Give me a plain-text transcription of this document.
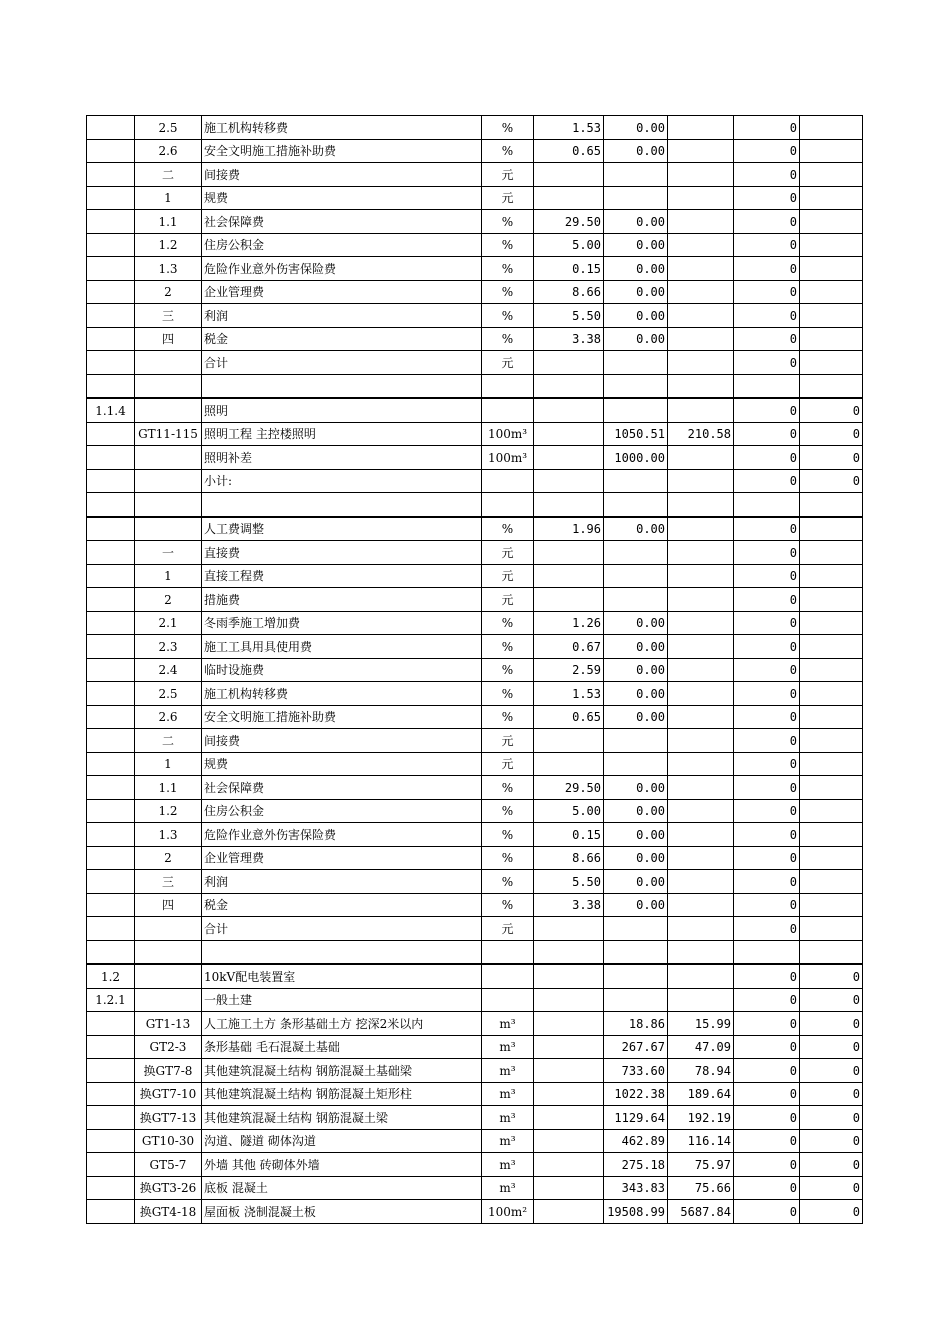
	2.5	施工机构转移费	%	1.53	0.00		0	
	2.6	安全文明施工措施补助费	%	0.65	0.00		0	
	二	间接费	元				0	
	1	规费	元				0	
	1.1	社会保障费	%	29.50	0.00		0	
	1.2	住房公积金	%	5.00	0.00		0	
	1.3	危险作业意外伤害保险费	%	0.15	0.00		0	
	2	企业管理费	%	8.66	0.00		0	
	三	利润	%	5.50	0.00		0	
	四	税金	%	3.38	0.00		0	
		合计	元				0	

1.1.4		照明					0	0
	GT11-115	照明工程 主控楼照明	100m³		1050.51	210.58	0	0
		照明补差	100m³		1000.00		0	0
		小计:					0	0

		人工费调整	%	1.96	0.00		0	
	一	直接费	元				0	
	1	直接工程费	元				0	
	2	措施费	元				0	
	2.1	冬雨季施工增加费	%	1.26	0.00		0	
	2.3	施工工具用具使用费	%	0.67	0.00		0	
	2.4	临时设施费	%	2.59	0.00		0	
	2.5	施工机构转移费	%	1.53	0.00		0	
	2.6	安全文明施工措施补助费	%	0.65	0.00		0	
	二	间接费	元				0	
	1	规费	元				0	
	1.1	社会保障费	%	29.50	0.00		0	
	1.2	住房公积金	%	5.00	0.00		0	
	1.3	危险作业意外伤害保险费	%	0.15	0.00		0	
	2	企业管理费	%	8.66	0.00		0	
	三	利润	%	5.50	0.00		0	
	四	税金	%	3.38	0.00		0	
		合计	元				0	

1.2		10kV配电装置室					0	0
1.2.1		一般土建					0	0
	GT1-13	人工施工土方 条形基础土方 挖深2米以内	m³		18.86	15.99	0	0
	GT2-3	条形基础 毛石混凝土基础	m³		267.67	47.09	0	0
	换GT7-8	其他建筑混凝土结构 钢筋混凝土基础梁	m³		733.60	78.94	0	0
	换GT7-10	其他建筑混凝土结构 钢筋混凝土矩形柱	m³		1022.38	189.64	0	0
	换GT7-13	其他建筑混凝土结构 钢筋混凝土梁	m³		1129.64	192.19	0	0
	GT10-30	沟道、隧道 砌体沟道	m³		462.89	116.14	0	0
	GT5-7	外墙 其他 砖砌体外墙	m³		275.18	75.97	0	0
	换GT3-26	底板 混凝土	m³		343.83	75.66	0	0
	换GT4-18	屋面板 浇制混凝土板	100m²		19508.99	5687.84	0	0
